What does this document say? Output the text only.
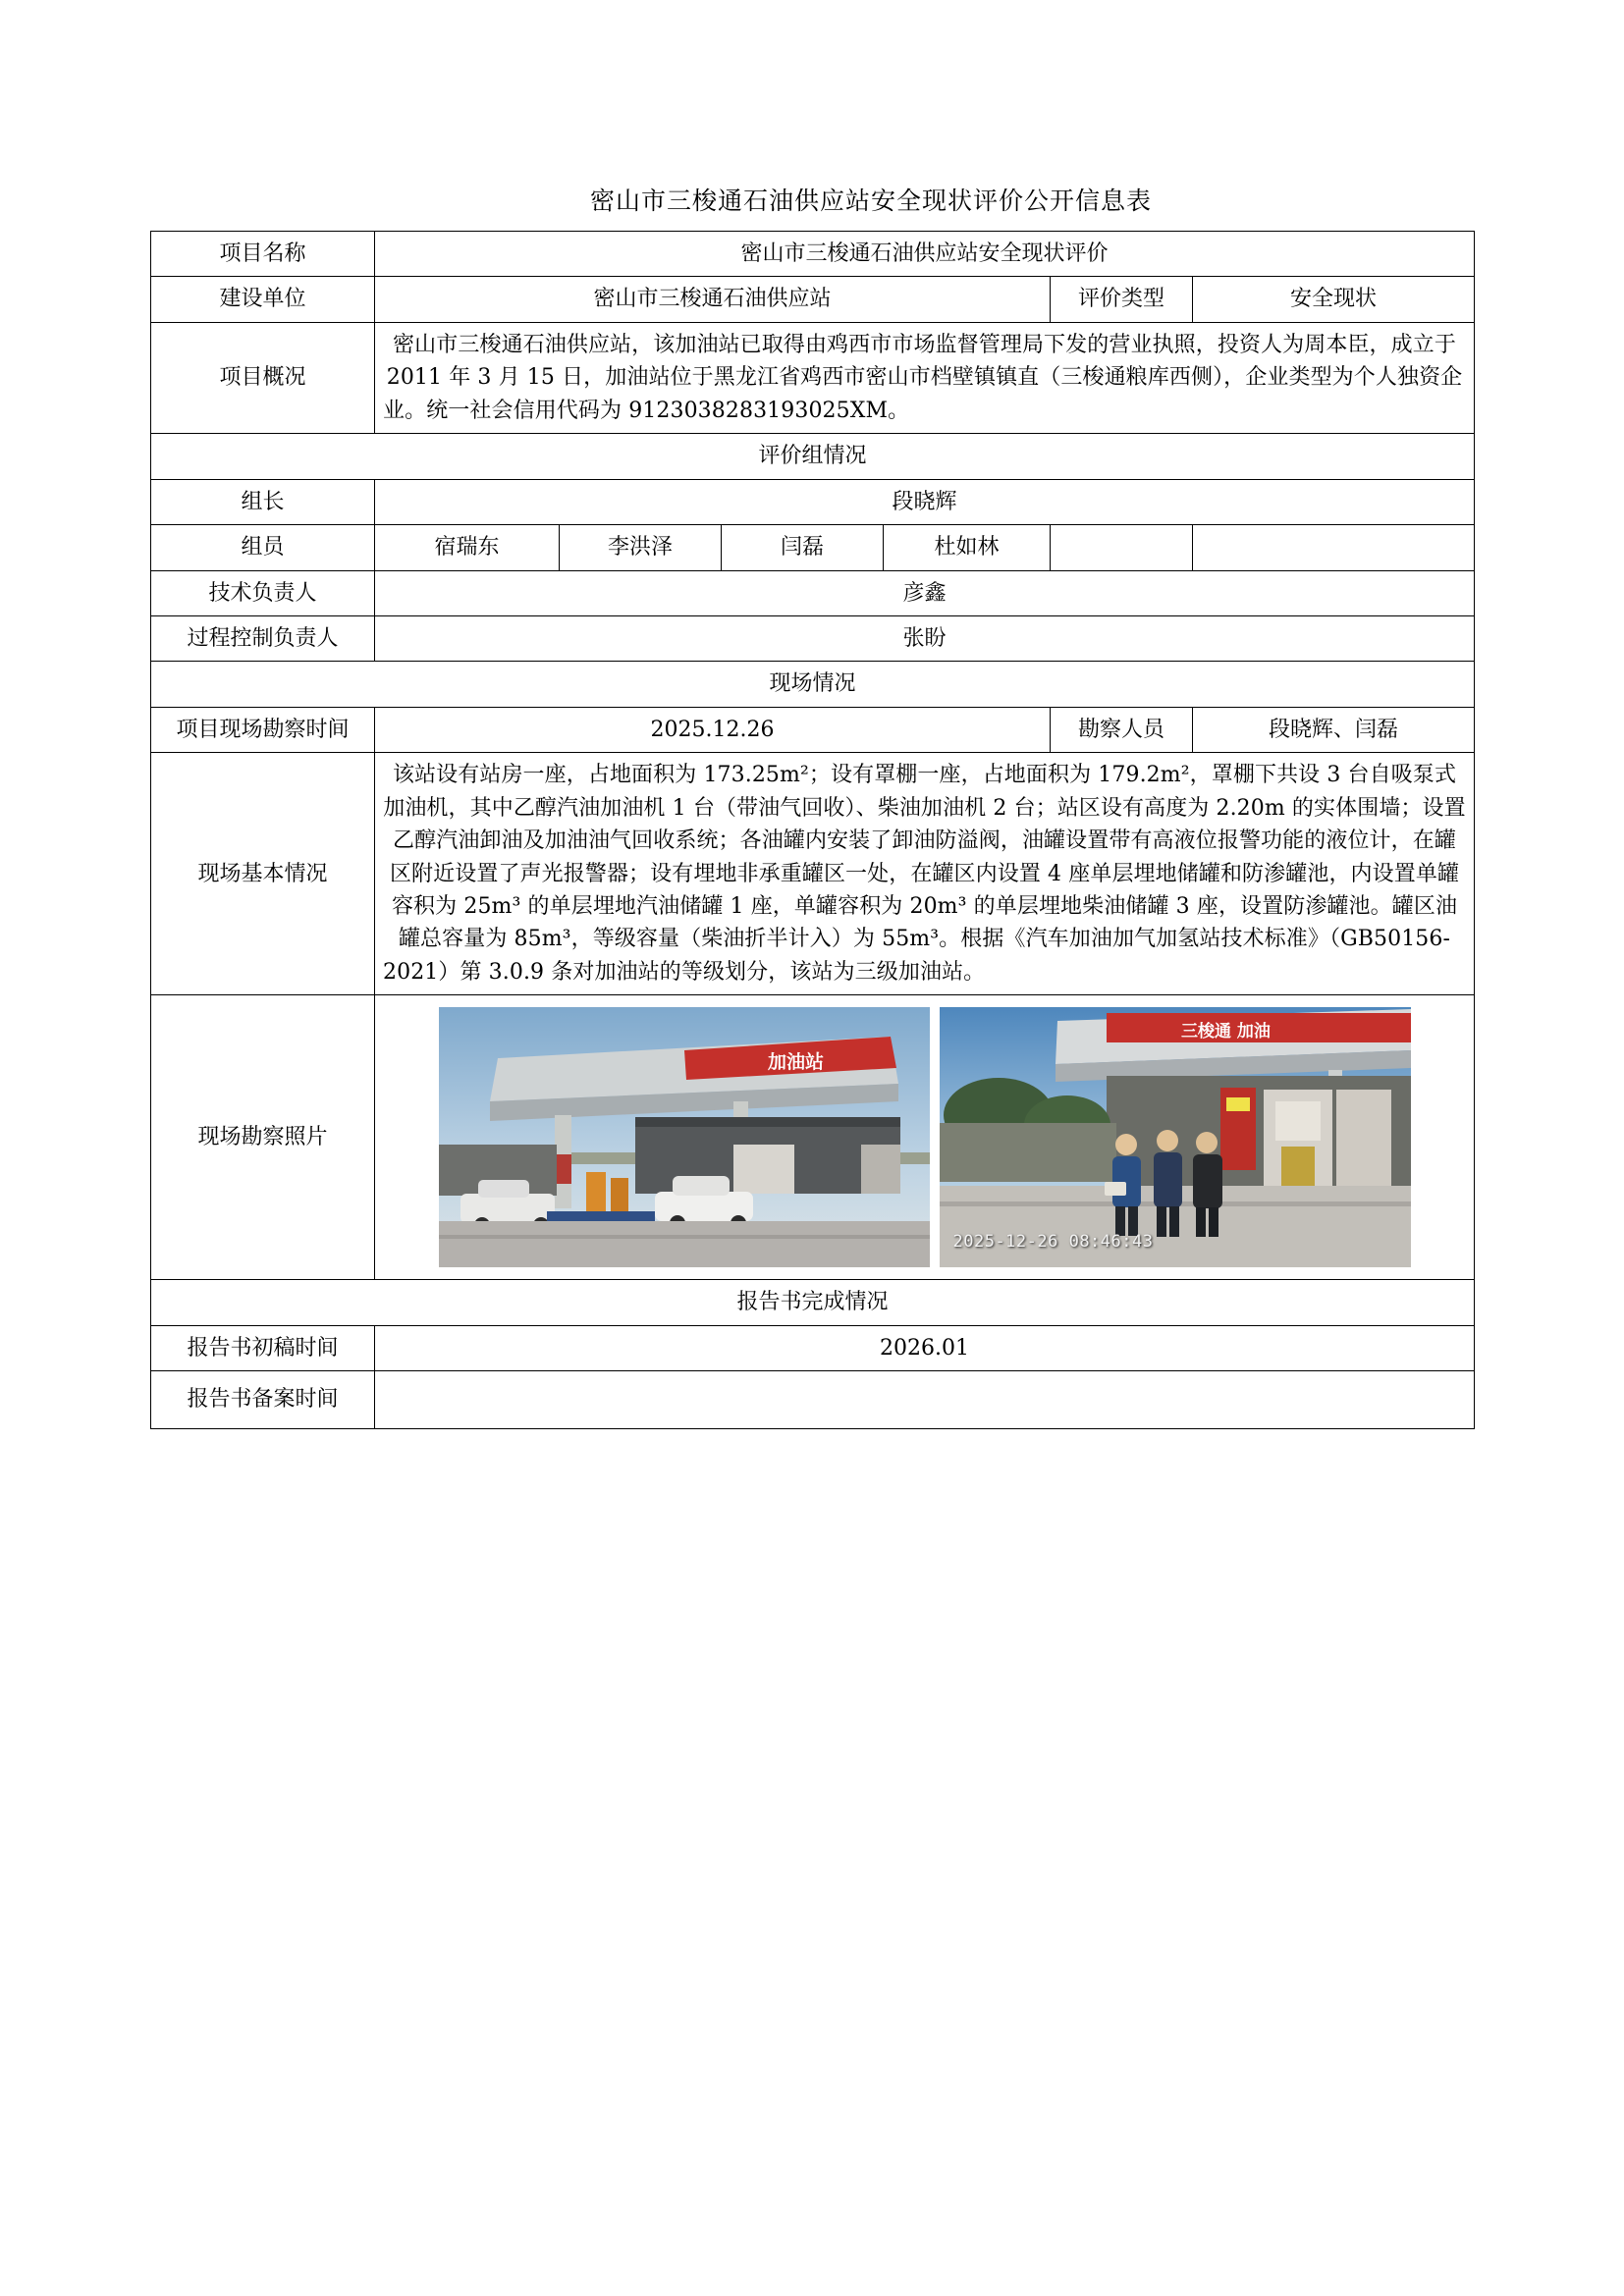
密山市三梭通石油供应站安全现状评价公开信息表
项目名称	密山市三梭通石油供应站安全现状评价					
建设单位	密山市三梭通石油供应站				评价类型	安全现状
项目概况	密山市三梭通石油供应站，该加油站已取得由鸡西市市场监督管理局下发的营业执照，投资人为周本臣，成立于 2011 年 3 月 15 日，加油站位于黑龙江省鸡西市密山市档壁镇镇直（三梭通粮库西侧），企业类型为个人独资企业。统一社会信用代码为 9123038283193025XM。					
评价组情况						
组长	段晓辉					
组员	宿瑞东	李洪泽	闫磊	杜如林		
技术负责人	彦鑫					
过程控制负责人	张盼					
现场情况						
项目现场勘察时间	2025.12.26				勘察人员	段晓辉、闫磊
现场基本情况	该站设有站房一座，占地面积为 173.25m²；设有罩棚一座，占地面积为 179.2m²，罩棚下共设 3 台自吸泵式加油机，其中乙醇汽油加油机 1 台（带油气回收）、柴油加油机 2 台；站区设有高度为 2.20m 的实体围墙；设置乙醇汽油卸油及加油油气回收系统；各油罐内安装了卸油防溢阀，油罐设置带有高液位报警功能的液位计，在罐区附近设置了声光报警器；设有埋地非承重罐区一处，在罐区内设置 4 座单层埋地储罐和防渗罐池，内设置单罐容积为 25m³ 的单层埋地汽油储罐 1 座，单罐容积为 20m³ 的单层埋地柴油储罐 3 座，设置防渗罐池。罐区油罐总容量为 85m³，等级容量（柴油折半计入）为 55m³。根据《汽车加油加气加氢站技术标准》（GB50156-2021）第 3.0.9 条对加油站的等级划分，该站为三级加油站。					
现场勘察照片	加油站
三梭通 加油
2025-12-26 08:46:43					

报告书完成情况						
报告书初稿时间	2026.01					
报告书备案时间						
